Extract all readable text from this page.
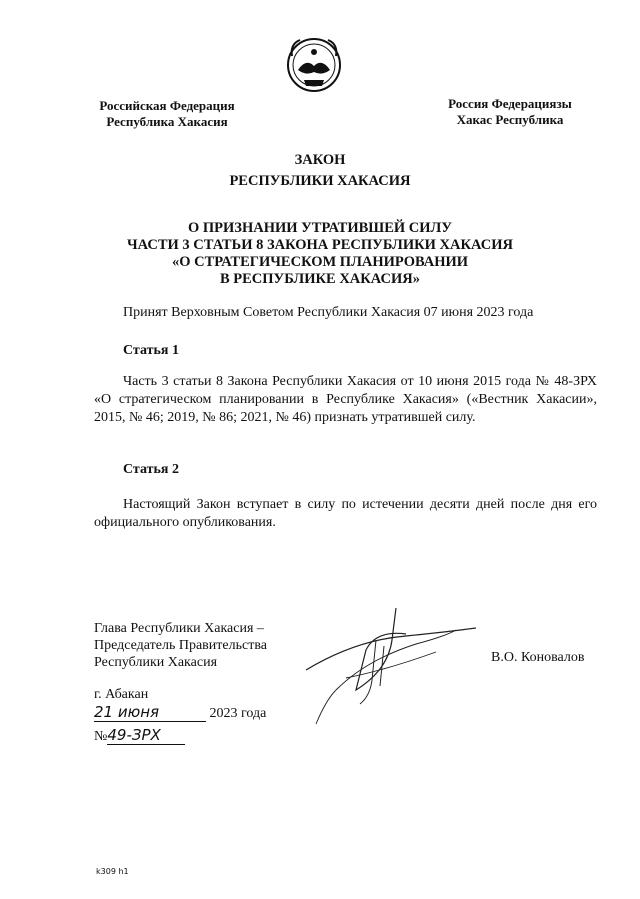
Российская Федерация
Республика Хакасия
Россия Федерациязы
Хакас Республика
ЗАКОН
РЕСПУБЛИКИ ХАКАСИЯ
О ПРИЗНАНИИ УТРАТИВШЕЙ СИЛУ
ЧАСТИ 3 СТАТЬИ 8 ЗАКОНА РЕСПУБЛИКИ ХАКАСИЯ
«О СТРАТЕГИЧЕСКОМ ПЛАНИРОВАНИИ
В РЕСПУБЛИКЕ ХАКАСИЯ»
Принят Верховным Советом Республики Хакасия 07 июня 2023 года
Статья 1
Часть 3 статьи 8 Закона Республики Хакасия от 10 июня 2015 года № 48-ЗРХ «О стратегическом планировании в Республике Хакасия» («Вестник Хакасии», 2015, № 46; 2019, № 86; 2021, № 46) признать утратившей силу.
Статья 2
Настоящий Закон вступает в силу по истечении десяти дней после дня его официального опубликования.
Глава Республики Хакасия –
Председатель Правительства
Республики Хакасия	В.О. Коновалов
г. Абакан
21 июня	2023 года
№49-ЗРХ
k309 h1
